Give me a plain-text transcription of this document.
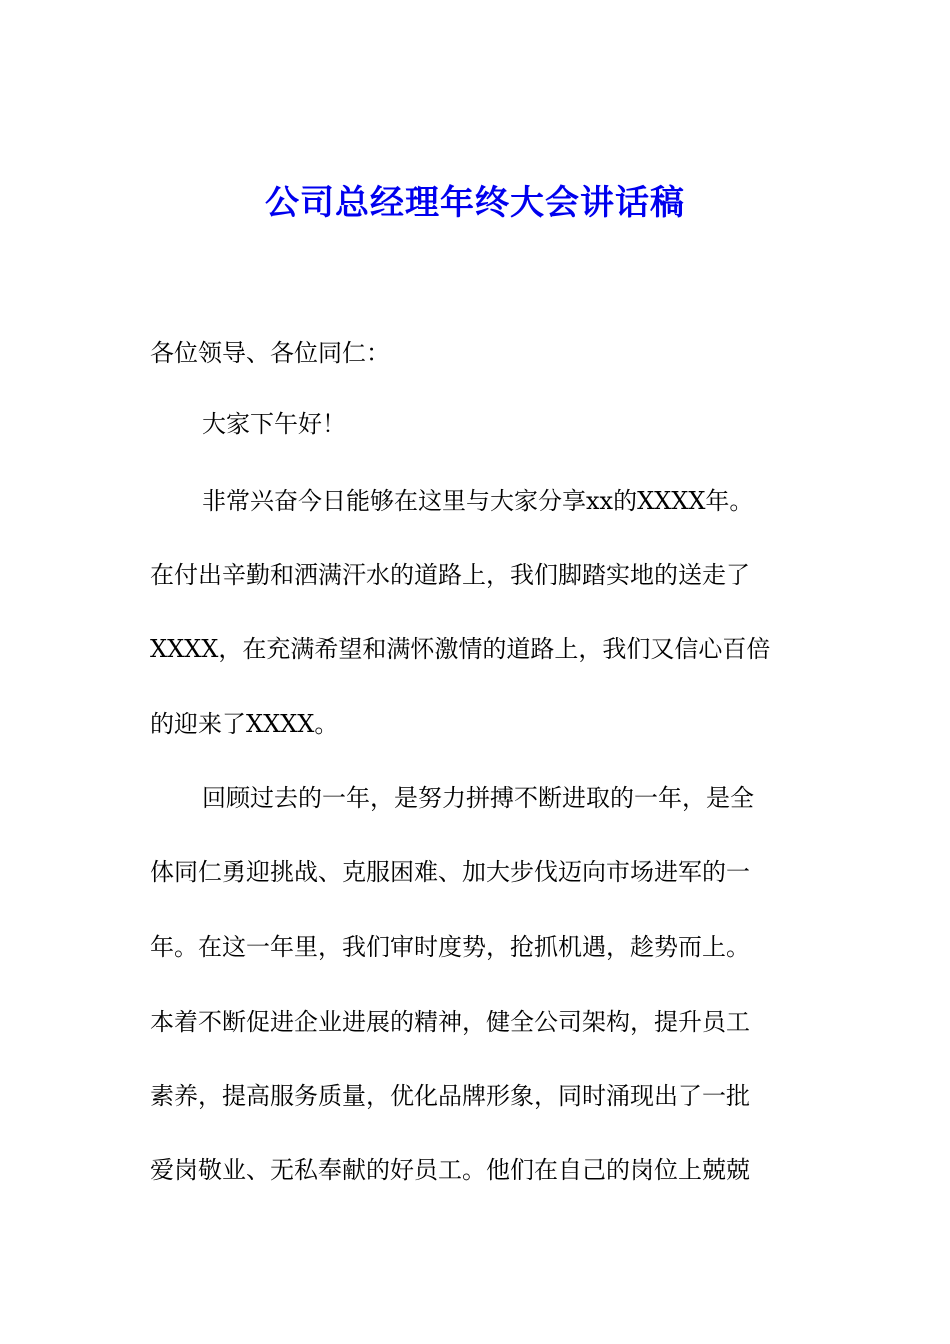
公司总经理年终大会讲话稿

各位领导、各位同仁：

大家下午好！

非常兴奋今日能够在这里与大家分享xx的XXXX年。

在付出辛勤和洒满汗水的道路上，我们脚踏实地的送走了

XXXX，在充满希望和满怀激情的道路上，我们又信心百倍

的迎来了XXXX。

回顾过去的一年，是努力拼搏不断进取的一年，是全

体同仁勇迎挑战、克服困难、加大步伐迈向市场进军的一

年。在这一年里，我们审时度势，抢抓机遇，趁势而上。

本着不断促进企业进展的精神，健全公司架构，提升员工

素养，提高服务质量，优化品牌形象，同时涌现出了一批

爱岗敬业、无私奉献的好员工。他们在自己的岗位上兢兢
